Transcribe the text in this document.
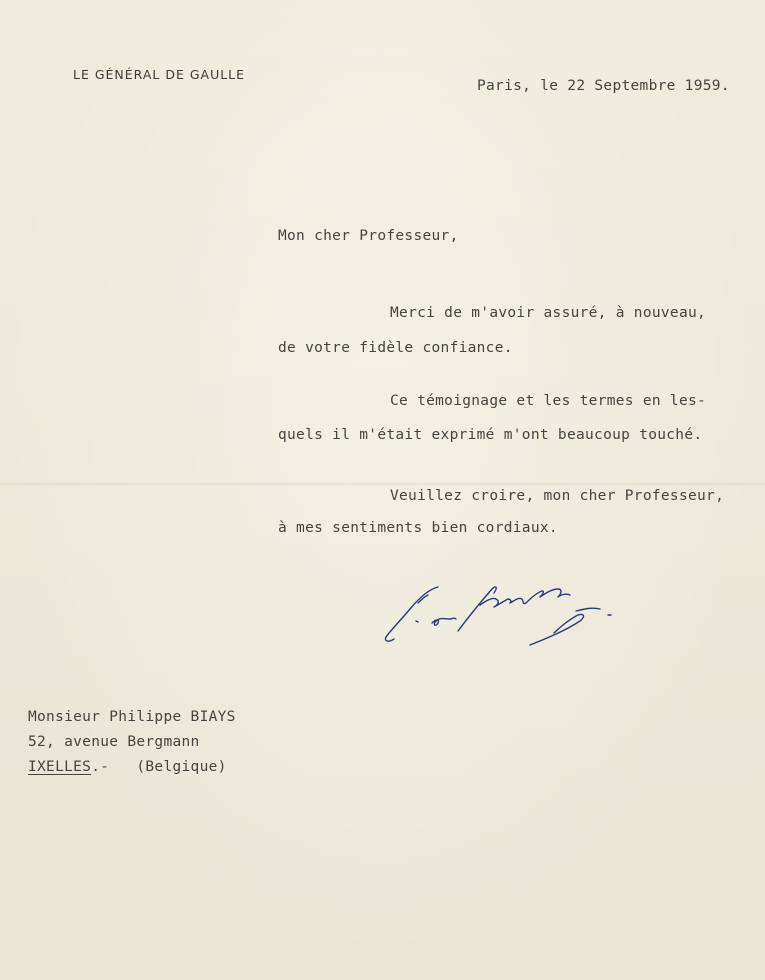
LE GÉNÉRAL DE GAULLE
Paris, le 22 Septembre 1959.
Mon cher Professeur,
Merci de m'avoir assuré, à nouveau,
de votre fidèle confiance.
Ce témoignage et les termes en les-
quels il m'était exprimé m'ont beaucoup touché.
Veuillez croire, mon cher Professeur,
à mes sentiments bien cordiaux.
Monsieur Philippe BIAYS
52, avenue Bergmann
IXELLES.- (Belgique)
